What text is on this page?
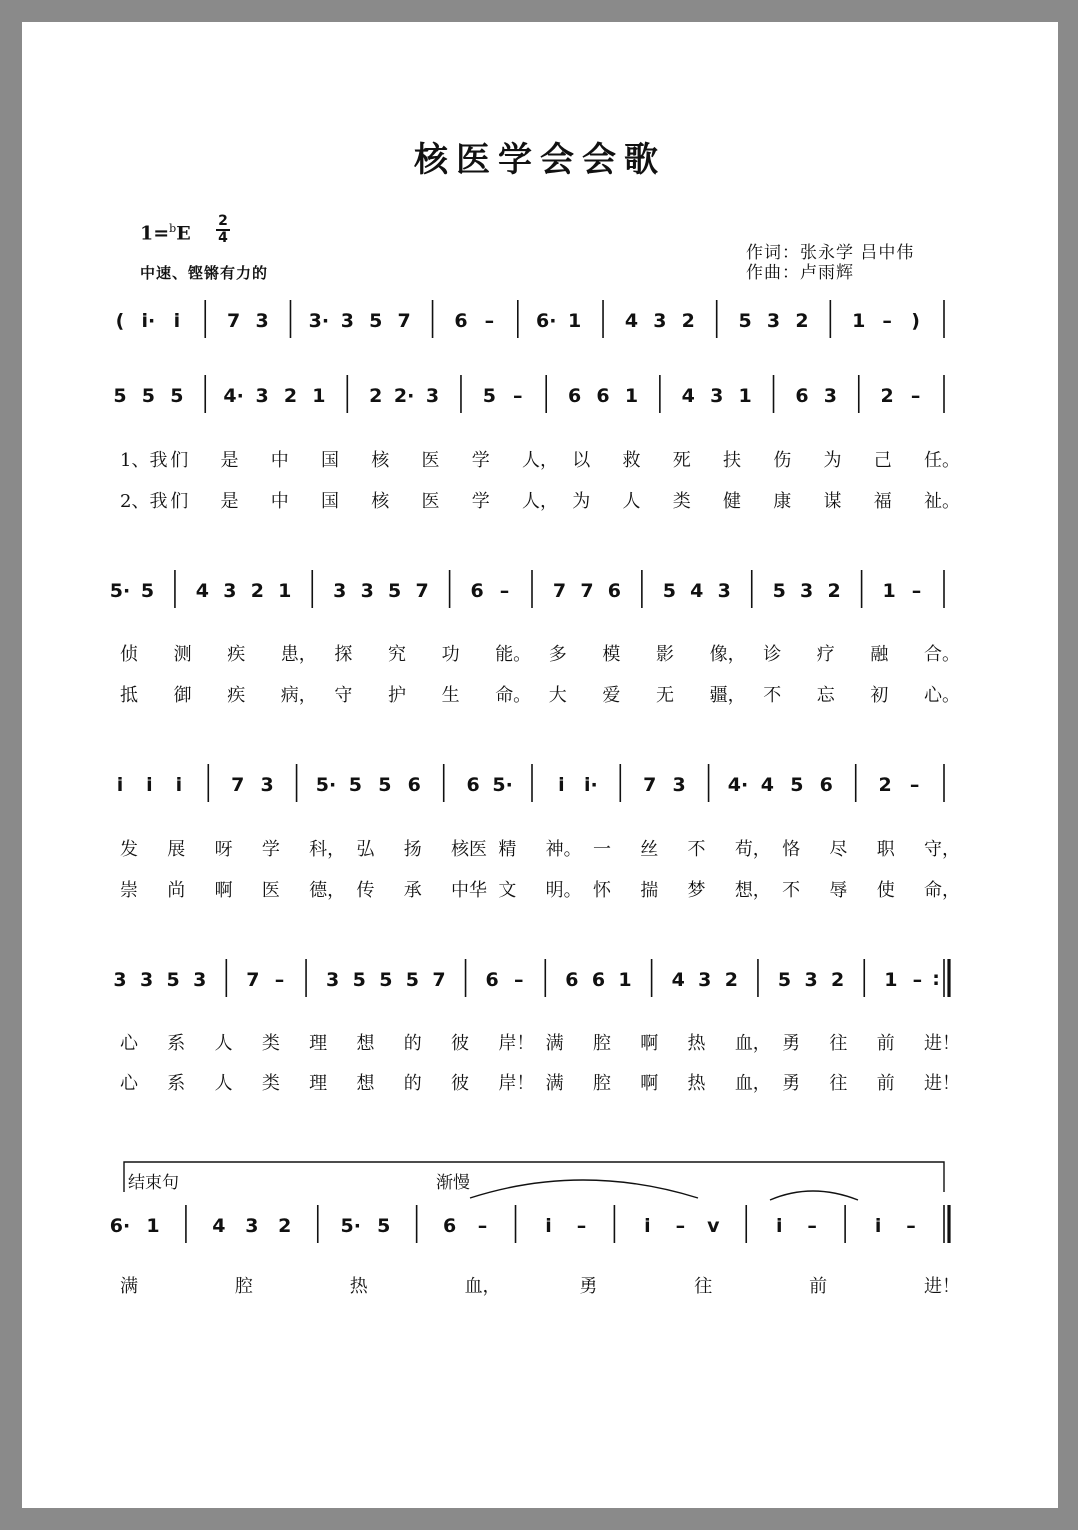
核医学会会歌
1=$^b$E
2
4
中速、铿锵有力的
作词：张永学 吕中伟
作曲：卢雨辉
( i· i 7 3 3· 3 5 7 6 – 6· 1 4 3 2 5 3 2 1 – )
5 5 5 4· 3 2 1 2 2· 3 5 – 6 6 1 4 3 1 6 3 2 –
1、我 们 是 中 国 核 医 学 人， 以 救 死 扶 伤 为 己 任。
2、我 们 是 中 国 核 医 学 人， 为 人 类 健 康 谋 福 祉。
5· 5 4 3 2 1 3 3 5 7 6 – 7 7 6 5 4 3 5 3 2 1 –
侦 测 疾 患， 探 究 功 能。 多 模 影 像， 诊 疗 融 合。
抵 御 疾 病， 守 护 生 命。 大 爱 无 疆， 不 忘 初 心。
i i i	7 3 5· 5 5 6 6 5· i i· 7 3 4· 4 5 6 2 –
发 展 呀 学 科， 弘 扬 核医 精 神。 一 丝 不 苟， 恪 尽 职 守，
崇 尚 啊 医 德， 传 承 中华 文 明。 怀 揣 梦 想， 不 辱 使 命，
3 3 5 3 7 – 3 5 5 5 7 6 – 6 6 1 4 3 2 5 3 2 1 – :
心 系 人 类 理 想 的 彼 岸！ 满 腔 啊 热 血， 勇 往 前 进！
心 系 人 类 理 想 的 彼 岸！ 满 腔 啊 热 血， 勇 往 前 进！
6· 1	4 3 2	5· 5	6 –	i –	i – v	i –	i –
满	腔	热	血，	勇	往	前	进！
结束句	渐慢
